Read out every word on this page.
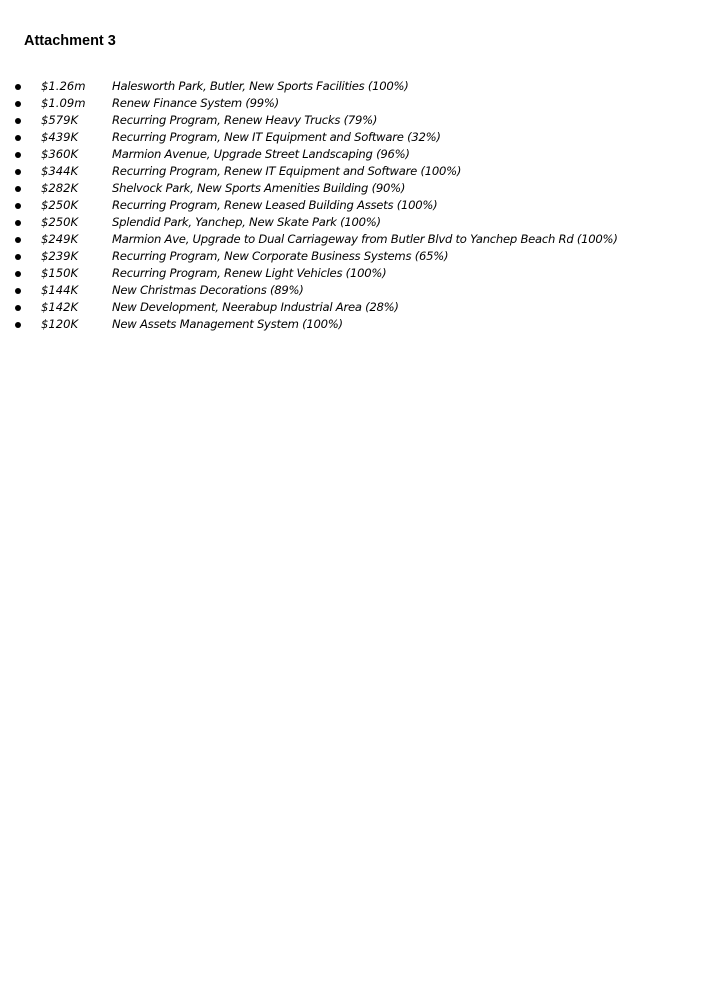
Attachment 3
$1.26m Halesworth Park, Butler, New Sports Facilities (100%)
$1.09m Renew Finance System (99%)
$579K	Recurring Program, Renew Heavy Trucks (79%)
$439K	Recurring Program, New IT Equipment and Software (32%)
$360K	Marmion Avenue, Upgrade Street Landscaping (96%)
$344K	Recurring Program, Renew IT Equipment and Software (100%)
$282K	Shelvock Park, New Sports Amenities Building (90%)
$250K	Recurring Program, Renew Leased Building Assets (100%)
$250K	Splendid Park, Yanchep, New Skate Park (100%)
$249K	Marmion Ave, Upgrade to Dual Carriageway from Butler Blvd to Yanchep Beach Rd (100%)
$239K	Recurring Program, New Corporate Business Systems (65%)
$150K	Recurring Program, Renew Light Vehicles (100%)
$144K	New Christmas Decorations (89%)
$142K	New Development, Neerabup Industrial Area (28%)
$120K	New Assets Management System (100%)
